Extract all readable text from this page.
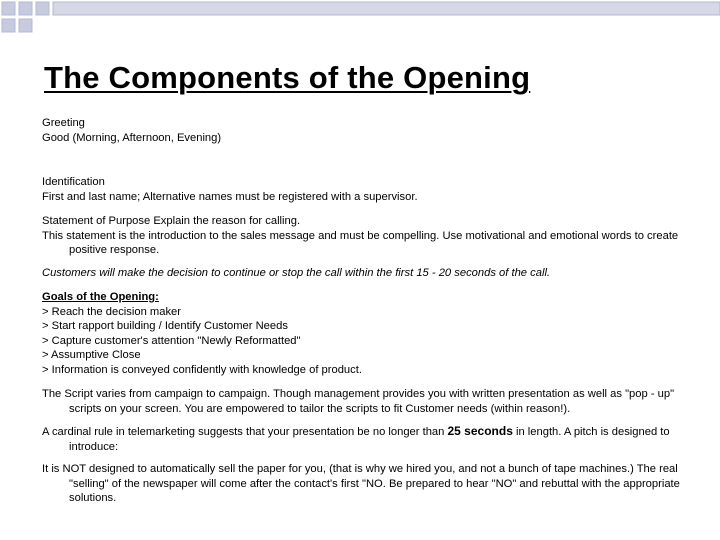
The Components of the Opening

Greeting

Good (Morning, Afternoon, Evening)

Identification

First and last name; Alternative names must be registered with a supervisor.

Statement of Purpose Explain the reason for calling.

This statement is the introduction to the sales message and must be compelling. Use motivational and emotional words to create positive response.

Customers will make the decision to continue or stop the call within the first 15 - 20 seconds of the call.

Goals of the Opening:

> Reach the decision maker

> Start rapport building / Identify Customer Needs

> Capture customer's attention "Newly Reformatted"

> Assumptive Close

> Information is conveyed confidently with knowledge of product.

The Script varies from campaign to campaign. Though management provides you with written presentation as well as "pop - up" scripts on your screen. You are empowered to tailor the scripts to fit Customer needs (within reason!).

A cardinal rule in telemarketing suggests that your presentation be no longer than 25 seconds in length. A pitch is designed to introduce:

It is NOT designed to automatically sell the paper for you, (that is why we hired you, and not a bunch of tape machines.) The real "selling" of the newspaper will come after the contact's first "NO. Be prepared to hear "NO" and rebuttal with the appropriate solutions.
